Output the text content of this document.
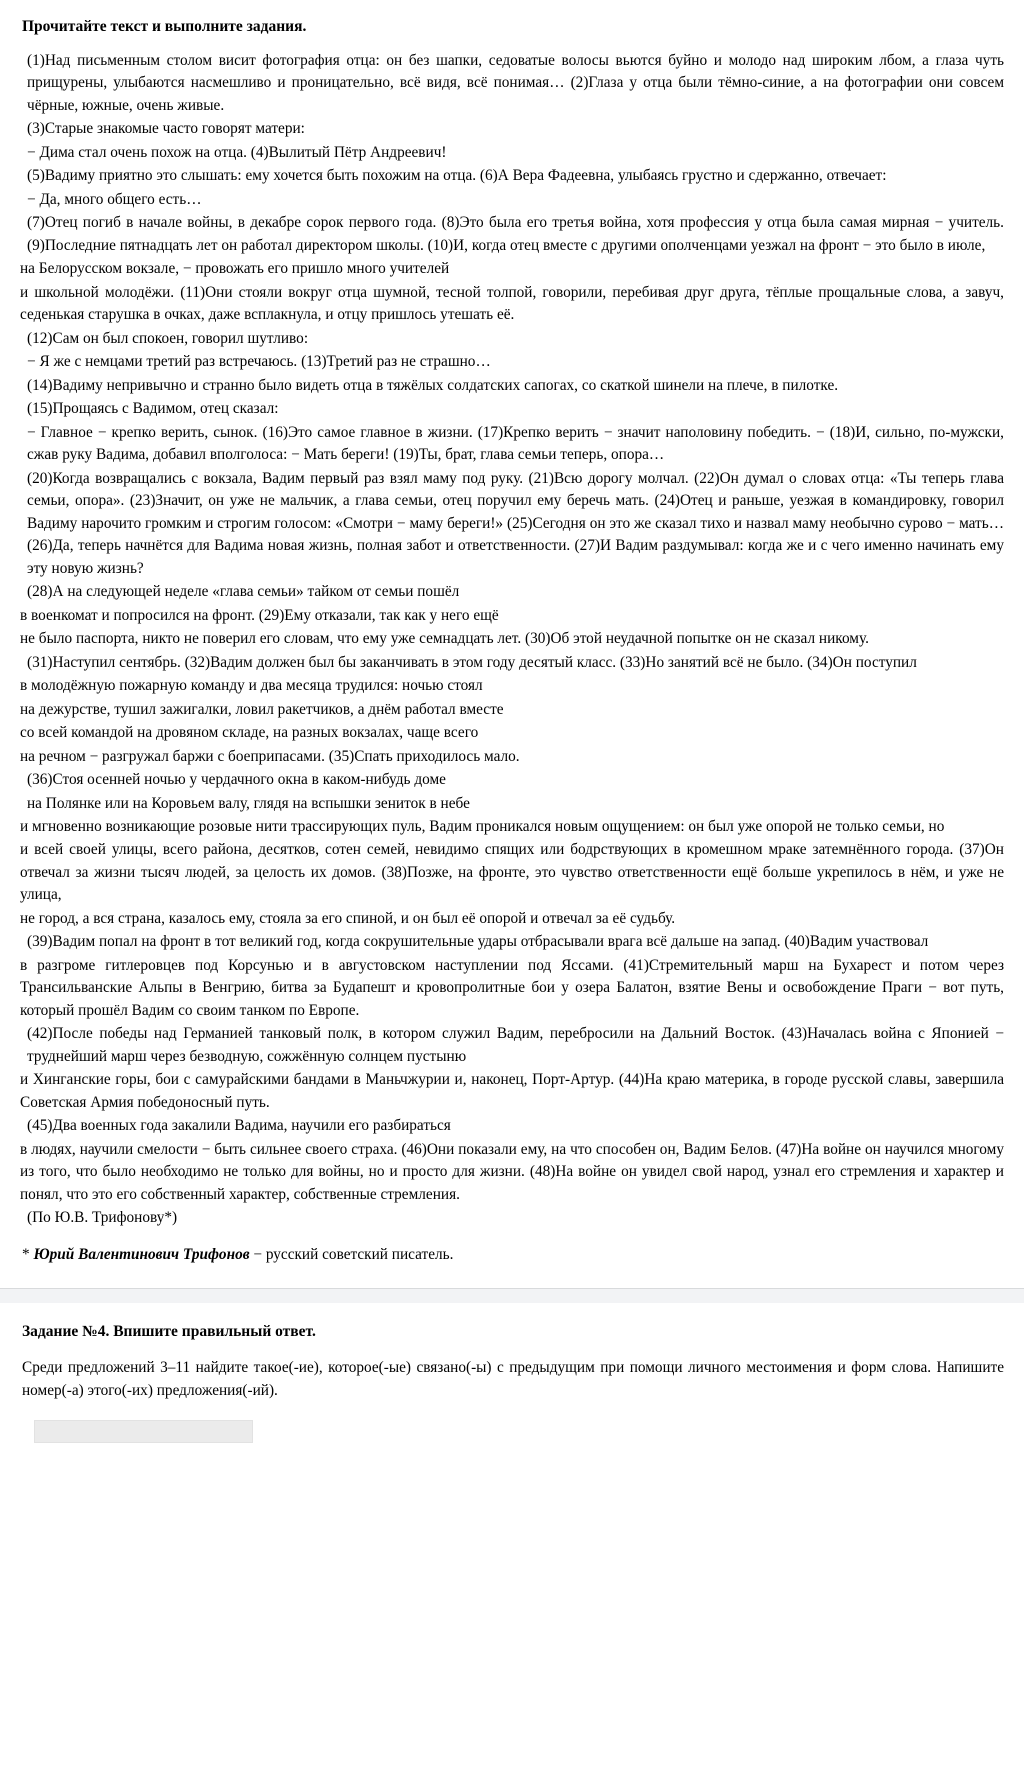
Прочитайте текст и выполните задания.

(1)Над письменным столом висит фотография отца: он без шапки, седоватые волосы вьются буйно и молодо над широким лбом, а глаза чуть прищурены, улыбаются насмешливо и проницательно, всё видя, всё понимая… (2)Глаза у отца были тёмно-синие, а на фотографии они совсем чёрные, южные, очень живые.

(3)Старые знакомые часто говорят матери:

− Дима стал очень похож на отца. (4)Вылитый Пётр Андреевич!

(5)Вадиму приятно это слышать: ему хочется быть похожим на отца. (6)А Вера Фадеевна, улыбаясь грустно и сдержанно, отвечает:

− Да, много общего есть…

(7)Отец погиб в начале войны, в декабре сорок первого года. (8)Это была его третья война, хотя профессия у отца была самая мирная − учитель. (9)Последние пятнадцать лет он работал директором школы. (10)И, когда отец вместе с другими ополченцами уезжал на фронт − это было в июле,

на Белорусском вокзале, − провожать его пришло много учителей

и школьной молодёжи. (11)Они стояли вокруг отца шумной, тесной толпой, говорили, перебивая друг друга, тёплые прощальные слова, а завуч, седенькая старушка в очках, даже всплакнула, и отцу пришлось утешать её.

(12)Сам он был спокоен, говорил шутливо:

− Я же с немцами третий раз встречаюсь. (13)Третий раз не страшно…

(14)Вадиму непривычно и странно было видеть отца в тяжёлых солдатских сапогах, со скаткой шинели на плече, в пилотке.

(15)Прощаясь с Вадимом, отец сказал:

− Главное − крепко верить, сынок. (16)Это самое главное в жизни. (17)Крепко верить − значит наполовину победить. − (18)И, сильно, по-мужски, сжав руку Вадима, добавил вполголоса: − Мать береги! (19)Ты, брат, глава семьи теперь, опора…

(20)Когда возвращались с вокзала, Вадим первый раз взял маму под руку. (21)Всю дорогу молчал. (22)Он думал о словах отца: «Ты теперь глава семьи, опора». (23)Значит, он уже не мальчик, а глава семьи, отец поручил ему беречь мать. (24)Отец и раньше, уезжая в командировку, говорил Вадиму нарочито громким и строгим голосом: «Смотри − маму береги!» (25)Сегодня он это же сказал тихо и назвал маму необычно сурово − мать… (26)Да, теперь начнётся для Вадима новая жизнь, полная забот и ответственности. (27)И Вадим раздумывал: когда же и с чего именно начинать ему эту новую жизнь?

(28)А на следующей неделе «глава семьи» тайком от семьи пошёл

в военкомат и попросился на фронт. (29)Ему отказали, так как у него ещё

не было паспорта, никто не поверил его словам, что ему уже семнадцать лет. (30)Об этой неудачной попытке он не сказал никому.

(31)Наступил сентябрь. (32)Вадим должен был бы заканчивать в этом году десятый класс. (33)Но занятий всё не было. (34)Он поступил

в молодёжную пожарную команду и два месяца трудился: ночью стоял

на дежурстве, тушил зажигалки, ловил ракетчиков, а днём работал вместе

со всей командой на дровяном складе, на разных вокзалах, чаще всего

на речном − разгружал баржи с боеприпасами. (35)Спать приходилось мало.

(36)Стоя осенней ночью у чердачного окна в каком-нибудь доме

на Полянке или на Коровьем валу, глядя на вспышки зениток в небе

и мгновенно возникающие розовые нити трассирующих пуль, Вадим проникался новым ощущением: он был уже опорой не только семьи, но

и всей своей улицы, всего района, десятков, сотен семей, невидимо спящих или бодрствующих в кромешном мраке затемнённого города. (37)Он отвечал за жизни тысяч людей, за целость их домов. (38)Позже, на фронте, это чувство ответственности ещё больше укрепилось в нём, и уже не улица,

не город, а вся страна, казалось ему, стояла за его спиной, и он был её опорой и отвечал за её судьбу.

(39)Вадим попал на фронт в тот великий год, когда сокрушительные удары отбрасывали врага всё дальше на запад. (40)Вадим участвовал

в разгроме гитлеровцев под Корсунью и в августовском наступлении под Яссами. (41)Стремительный марш на Бухарест и потом через Трансильванские Альпы в Венгрию, битва за Будапешт и кровопролитные бои у озера Балатон, взятие Вены и освобождение Праги − вот путь, который прошёл Вадим со своим танком по Европе.

(42)После победы над Германией танковый полк, в котором служил Вадим, перебросили на Дальний Восток. (43)Началась война с Японией − труднейший марш через безводную, сожжённую солнцем пустыню

и Хинганские горы, бои с самурайскими бандами в Маньчжурии и, наконец, Порт-Артур. (44)На краю материка, в городе русской славы, завершила Советская Армия победоносный путь.

(45)Два военных года закалили Вадима, научили его разбираться

в людях, научили смелости − быть сильнее своего страха. (46)Они показали ему, на что способен он, Вадим Белов. (47)На войне он научился многому из того, что было необходимо не только для войны, но и просто для жизни. (48)На войне он увидел свой народ, узнал его стремления и характер и понял, что это его собственный характер, собственные стремления.

(По Ю.В. Трифонову*)

* Юрий Валентинович Трифонов − русский советский писатель.
Задание №4. Впишите правильный ответ.
Среди предложений 3–11 найдите такое(-ие), которое(-ые) связано(-ы) с предыдущим при помощи личного местоимения и форм слова. Напишите номер(-а) этого(-их) предложения(-ий).
